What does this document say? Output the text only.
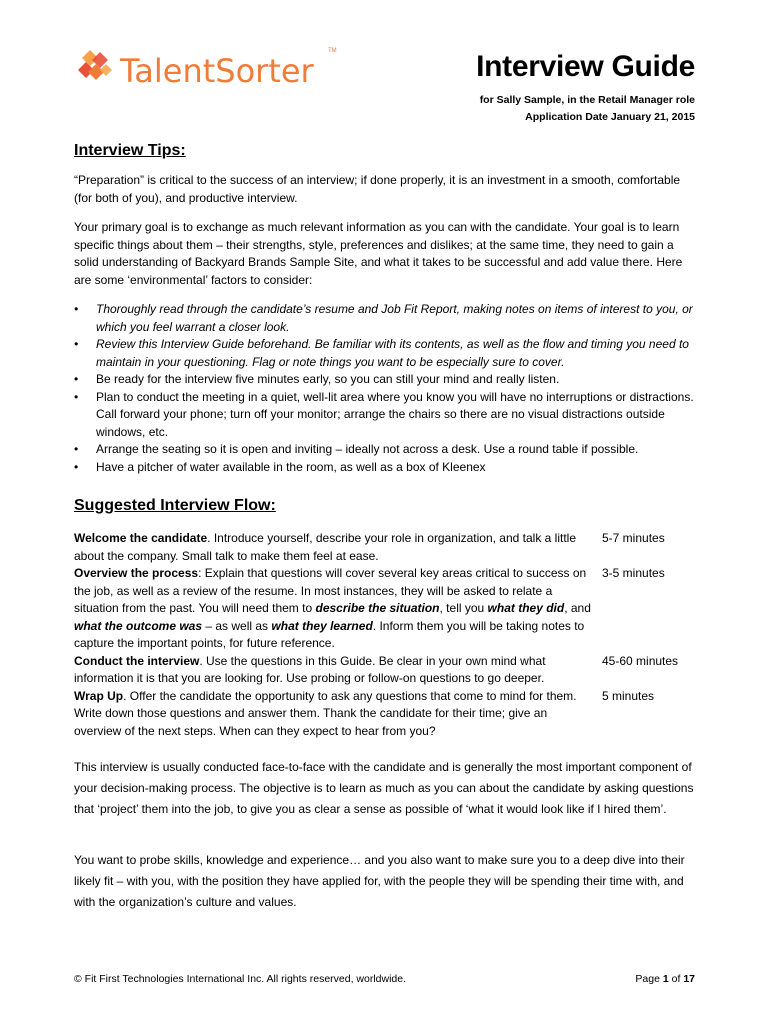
TalentSorter
TM	Interview Guide
for Sally Sample, in the Retail Manager role
Application Date January 21, 2015
Interview Tips:
“Preparation” is critical to the success of an interview; if done properly, it is an investment in a smooth, comfortable (for both of you), and productive interview.
Your primary goal is to exchange as much relevant information as you can with the candidate. Your goal is to learn specific things about them – their strengths, style, preferences and dislikes; at the same time, they need to gain a solid understanding of Backyard Brands Sample Site, and what it takes to be successful and add value there. Here are some ‘environmental’ factors to consider:
• Thoroughly read through the candidate’s resume and Job Fit Report, making notes on items of interest to you, or which you feel warrant a closer look.
• Review this Interview Guide beforehand. Be familiar with its contents, as well as the flow and timing you need to maintain in your questioning. Flag or note things you want to be especially sure to cover.
• Be ready for the interview five minutes early, so you can still your mind and really listen.
• Plan to conduct the meeting in a quiet, well-lit area where you know you will have no interruptions or distractions. Call forward your phone; turn off your monitor; arrange the chairs so there are no visual distractions outside windows, etc.
• Arrange the seating so it is open and inviting – ideally not across a desk. Use a round table if possible.
• Have a pitcher of water available in the room, as well as a box of Kleenex
Suggested Interview Flow:
Welcome the candidate. Introduce yourself, describe your role in organization, and talk a little about the company. Small talk to make them feel at ease.
5-7 minutes
Overview the process: Explain that questions will cover several key areas critical to success on the job, as well as a review of the resume. In most instances, they will be asked to relate a situation from the past. You will need them to describe the situation, tell you what they did, and what the outcome was – as well as what they learned. Inform them you will be taking notes to capture the important points, for future reference.
3-5 minutes
Conduct the interview. Use the questions in this Guide. Be clear in your own mind what information it is that you are looking for. Use probing or follow-on questions to go deeper.
45-60 minutes
Wrap Up. Offer the candidate the opportunity to ask any questions that come to mind for them. Write down those questions and answer them. Thank the candidate for their time; give an overview of the next steps. When can they expect to hear from you?
5 minutes
This interview is usually conducted face-to-face with the candidate and is generally the most important component of your decision-making process. The objective is to learn as much as you can about the candidate by asking questions that ‘project’ them into the job, to give you as clear a sense as possible of ‘what it would look like if I hired them’.
You want to probe skills, knowledge and experience… and you also want to make sure you to a deep dive into their likely fit – with you, with the position they have applied for, with the people they will be spending their time with, and with the organization’s culture and values.
© Fit First Technologies International Inc. All rights reserved, worldwide.	Page 1 of 17
